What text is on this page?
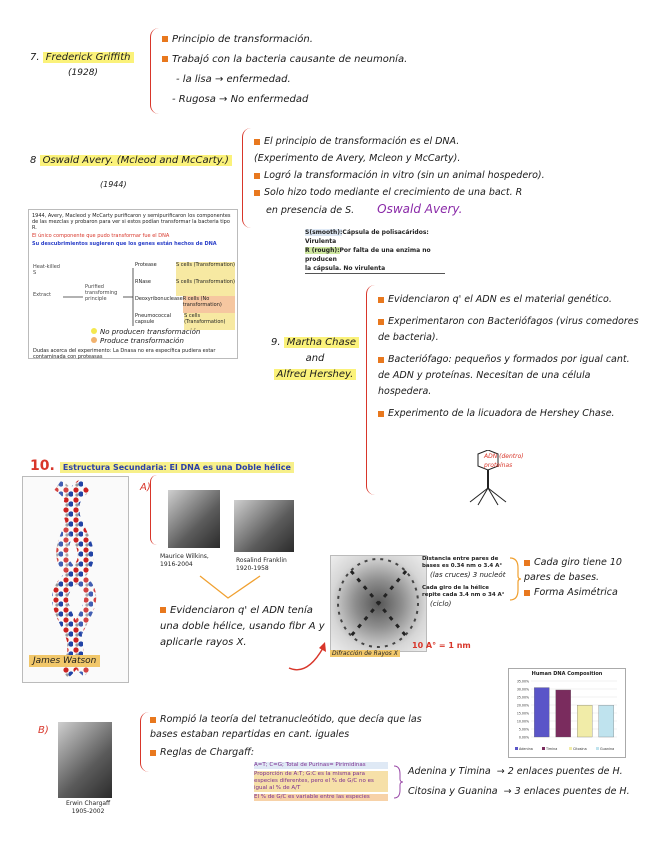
7. Frederick Griffith
(1928)
Principio de transformación.
Trabajó con la bacteria causante de neumonía.
- la lisa → enfermedad.
- Rugosa → No enfermedad
8 Oswald Avery. (Mcleod and McCarty.)
(1944)
El principio de transformación es el DNA.
(Experimento de Avery, Mcleon y McCarty).
Logró la transformación in vitro (sin un animal hospedero).
Solo hizo todo mediante el crecimiento de una bact. R
en presencia de S. Oswald Avery.
S(smooth):Cápsula de polisacáridos: Virulenta
R (rough):Por falta de una enzima no producen
la cápsula. No virulenta
1944, Avery, Macleod y McCarty purificaron y semipurificaron los componentes de las mezclas y probaron para ver si estos podían transformar la bacteria tipo R.
El único componente que pudo transformar fue el DNA
Su descubrimientos sugieren que los genes están hechos de DNA
Heat-killed S
Extract
Purified transforming principle
Protease	S cells (Transformation)
RNase	S cells (Transformation)
Deoxyribonuclease R cells (No transformation)
Pneumococcal capsule
S cells (Transformation)
No producen transformación
Produce transformación
Dudas acerca del experimento: La Dnasa no era específica pudiera estar contaminada con proteasas
9. Martha Chase
and
Alfred Hershey.
Evidenciaron q' el ADN es el material genético.
Experimentaron con Bacteriófagos (virus comedores de bacteria).
Bacteriófago: pequeños y formados por igual cant. de ADN y proteínas. Necesitan de una célula hospedera.
Experimento de la licuadora de Hershey Chase.
ADN (dentro)
proteínas
10. Estructura Secundaria: El DNA es una Doble hélice
James Watson
A)
Maurice Wilkins,
1916-2004
Rosalind Franklin
1920-1958
Evidenciaron q' el ADN tenía una doble hélice, usando fibr A y aplicarle rayos X.
Difracción de Rayos X
10 A° = 1 nm
Distancia entre pares de bases es 0.34 nm o 3.4 A°
(las cruces) 3 nucleót
Cada giro de la hélice repite cada 3.4 nm o 34 A°
(ciclo)
Cada giro tiene 10 pares de bases.
Forma Asimétrica
Human DNA Composition
35.00%
30.00%
25.00%
20.00%
15.00%
10.00%
5.00%
0.00%
Adenina	Timina	Citosina	Guanina
B)
Erwin Chargaff
1905-2002
Rompió la teoría del tetranucleótido, que decía que las bases estaban repartidas en cant. iguales
Reglas de Chargaff:
A=T; C=G; Total de Purinas= Pirimidinas
Proporción de A:T; G:C es la misma para especies diferentes, pero el % de G/C no es igual al % de A/T
El % de G/C es variable entre las especies
Adenina y Timina → 2 enlaces puentes de H.
Citosina y Guanina → 3 enlaces puentes de H.
